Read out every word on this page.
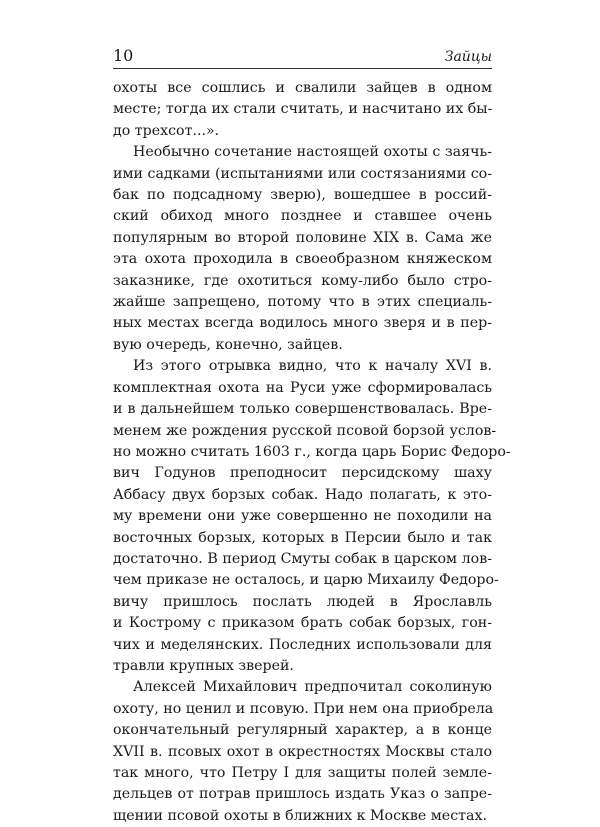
10	Зайцы
охоты все сошлись и свалили зайцев в одном
месте; тогда их стали считать, и насчитано их бы-
до трехсот...».
Необычно сочетание настоящей охоты с заячь-
ими садками (испытаниями или состязаниями со-
бак по подсадному зверю), вошедшее в россий-
ский обиход много позднее и ставшее очень
популярным во второй половине XIX в. Сама же
эта охота проходила в своеобразном княжеском
заказнике, где охотиться кому-либо было стро-
жайше запрещено, потому что в этих специаль-
ных местах всегда водилось много зверя и в пер-
вую очередь, конечно, зайцев.
Из этого отрывка видно, что к началу XVI в.
комплектная охота на Руси уже сформировалась
и в дальнейшем только совершенствовалась. Вре-
менем же рождения русской псовой борзой услов-
но можно считать 1603 г., когда царь Борис Федоро-
вич Годунов преподносит персидскому шаху
Аббасу двух борзых собак. Надо полагать, к это-
му времени они уже совершенно не походили на
восточных борзых, которых в Персии было и так
достаточно. В период Смуты собак в царском лов-
чем приказе не осталось, и царю Михаилу Федоро-
вичу пришлось послать людей в Ярославль
и Кострому с приказом брать собак борзых, гон-
чих и меделянских. Последних использовали для
травли крупных зверей.
Алексей Михайлович предпочитал соколиную
охоту, но ценил и псовую. При нем она приобрела
окончательный регулярный характер, а в конце
XVII в. псовых охот в окрестностях Москвы стало
так много, что Петру I для защиты полей земле-
дельцев от потрав пришлось издать Указ о запре-
щении псовой охоты в ближних к Москве местах.
